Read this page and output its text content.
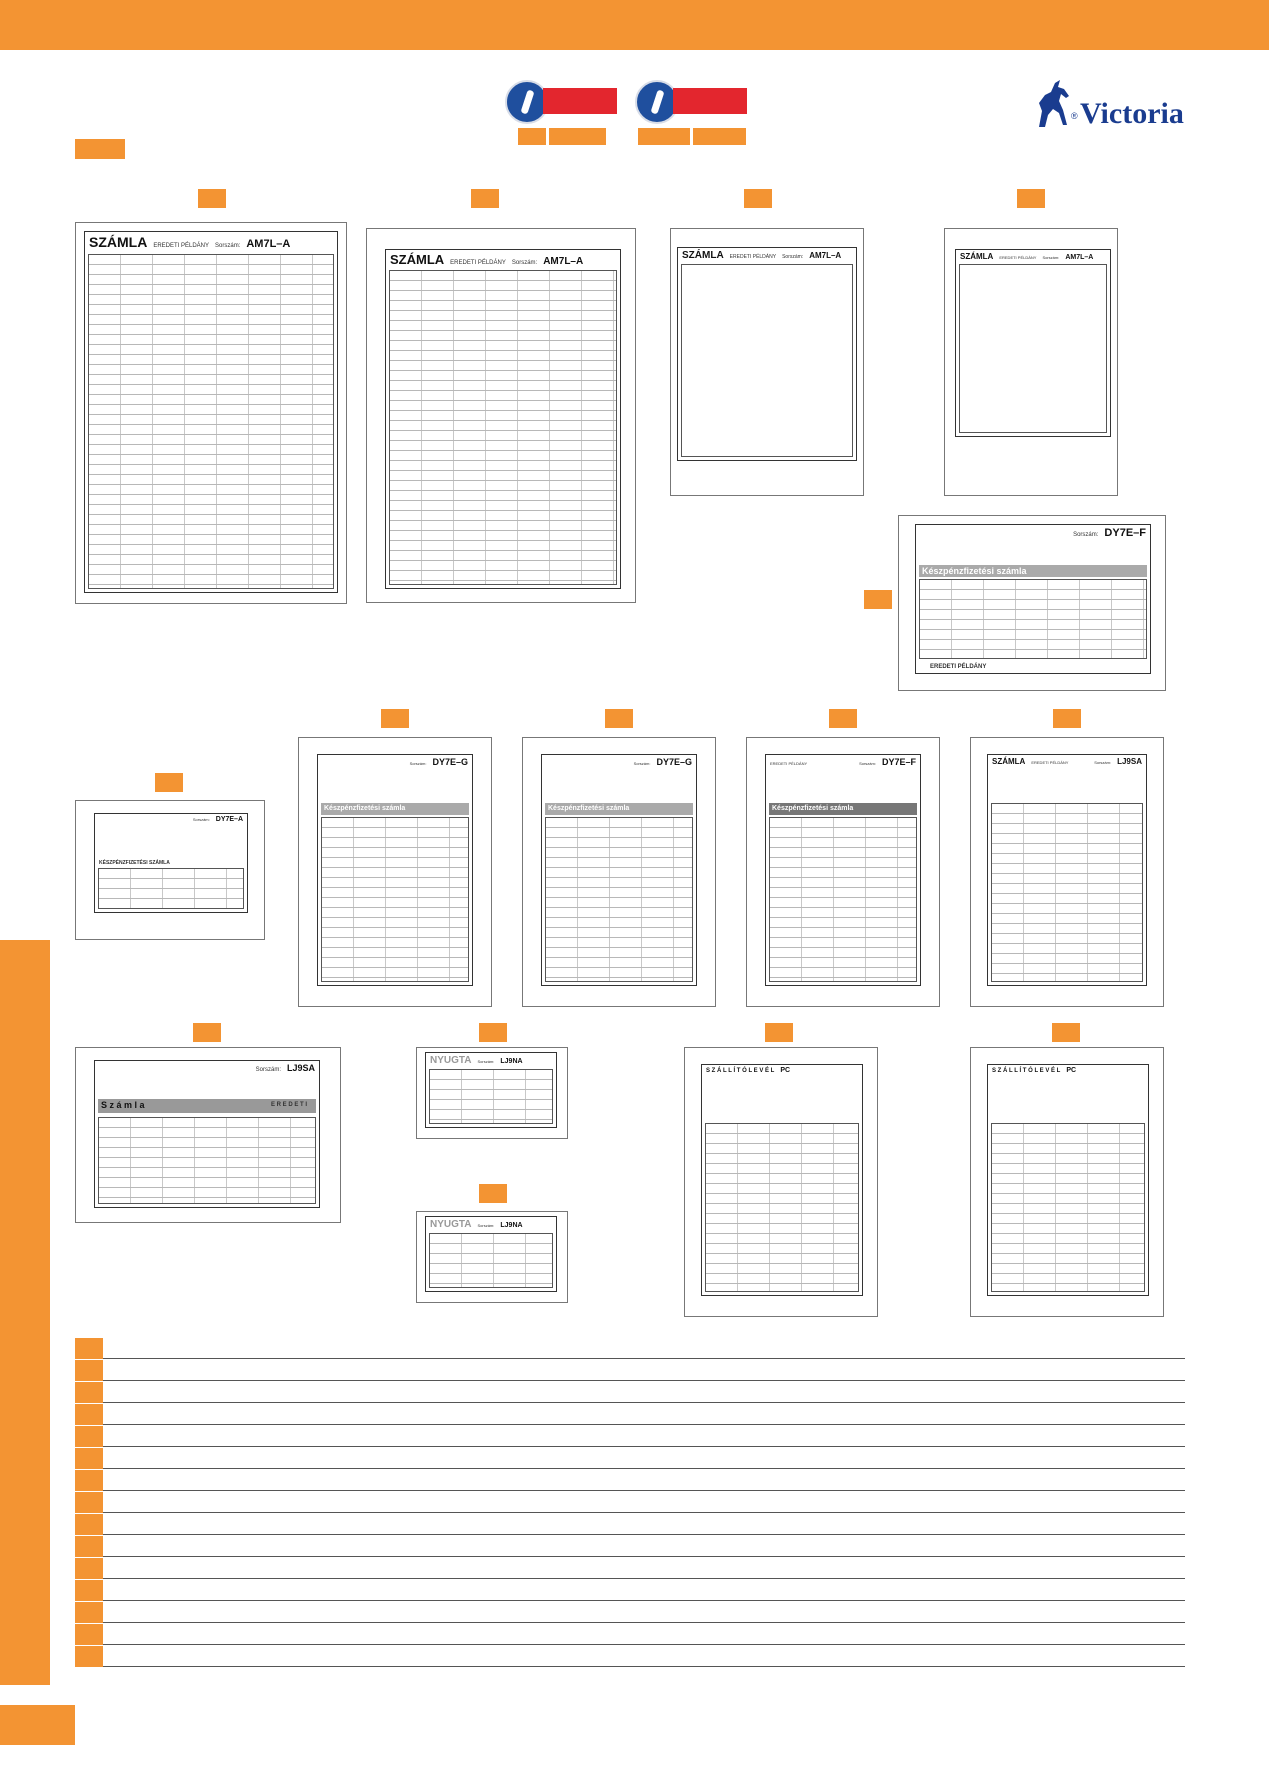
® Victoria
SZÁMLA EREDETI PÉLDÁNY Sorszám: AM7L–A
SZÁMLA EREDETI PÉLDÁNY Sorszám: AM7L–A
SZÁMLA EREDETI PÉLDÁNY Sorszám: AM7L–A	SZÁMLA EREDETI PÉLDÁNY Sorszám: AM7L–A
Sorszám: DY7E–F
Készpénzfizetési számla
EREDETI PÉLDÁNY
Sorszám: DY7E–A
KÉSZPÉNZFIZETÉSI SZÁMLA
Sorszám: DY7E–G
Készpénzfizetési számla
Sorszám: DY7E–G
Készpénzfizetési számla
EREDETI PÉLDÁNY	Sorszám: DY7E–F
Készpénzfizetési számla
SZÁMLA EREDETI PÉLDÁNY	Sorszám: LJ9SA
Sorszám: LJ9SA
S z á m l a	E R E D E T I
NYUGTA Sorszám: LJ9NA
NYUGTA Sorszám: LJ9NA
S Z Á L L Í T Ó L E V É L PC	S Z Á L L Í T Ó L E V É L PC
